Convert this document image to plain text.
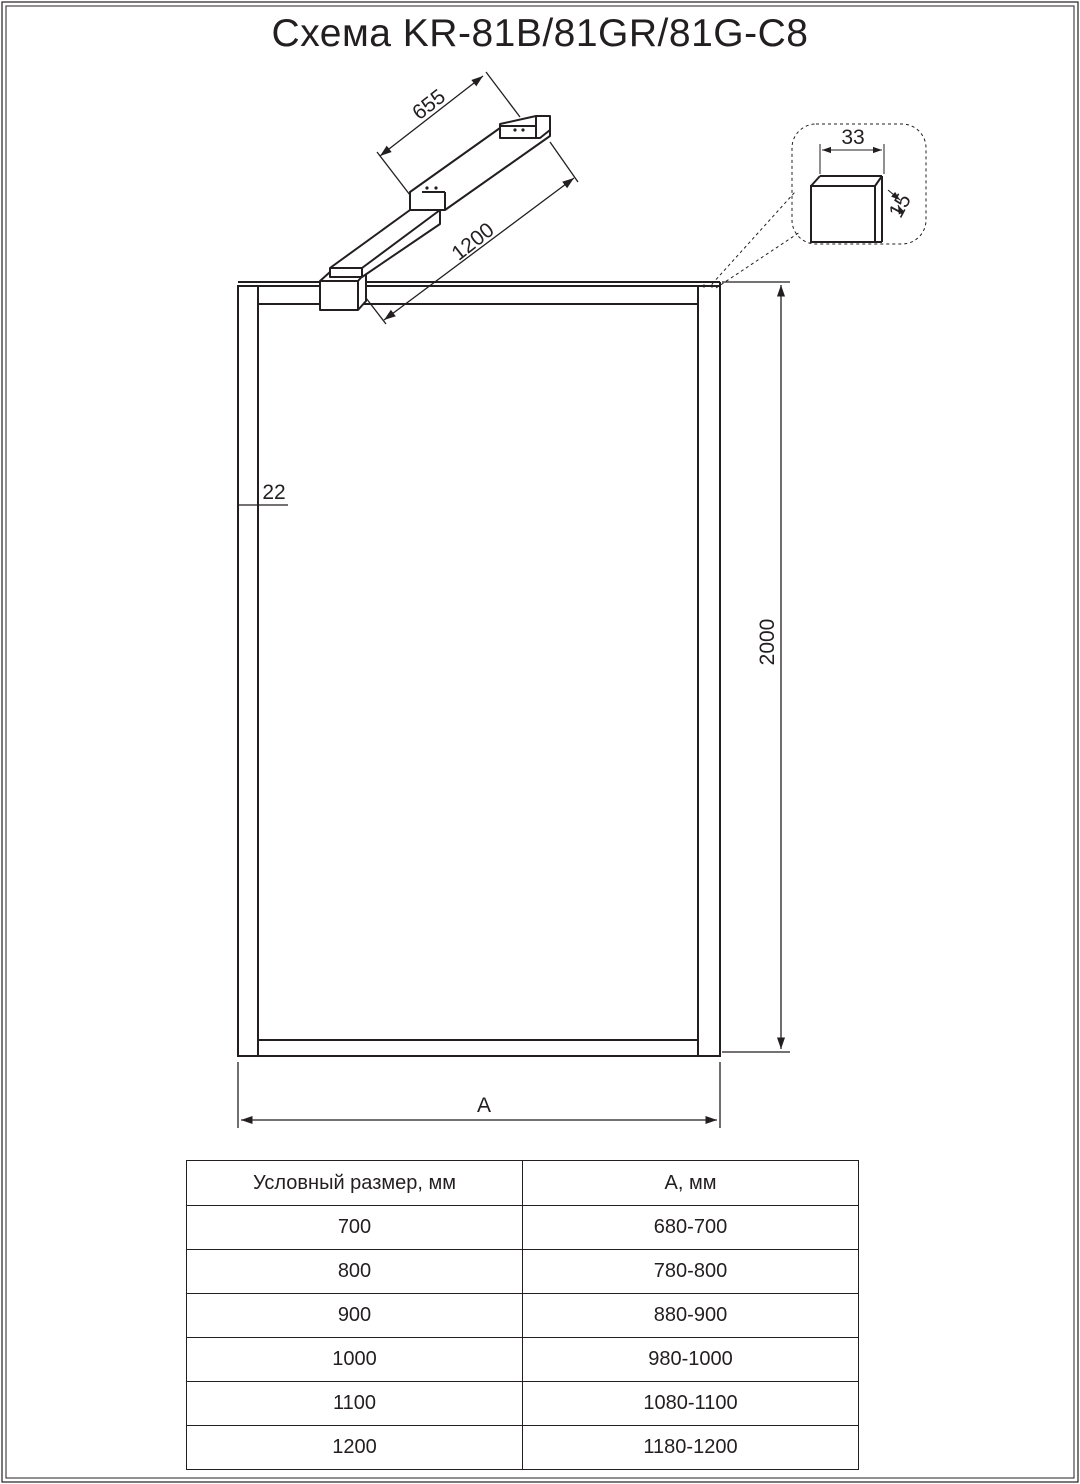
Схема KR-81B/81GR/81G-C8
655
1200
33
15
22
2000
A
Условный размер, мм	А, мм
700	680-700
800	780-800
900	880-900
1000	980-1000
1100	1080-1100
1200	1180-1200
